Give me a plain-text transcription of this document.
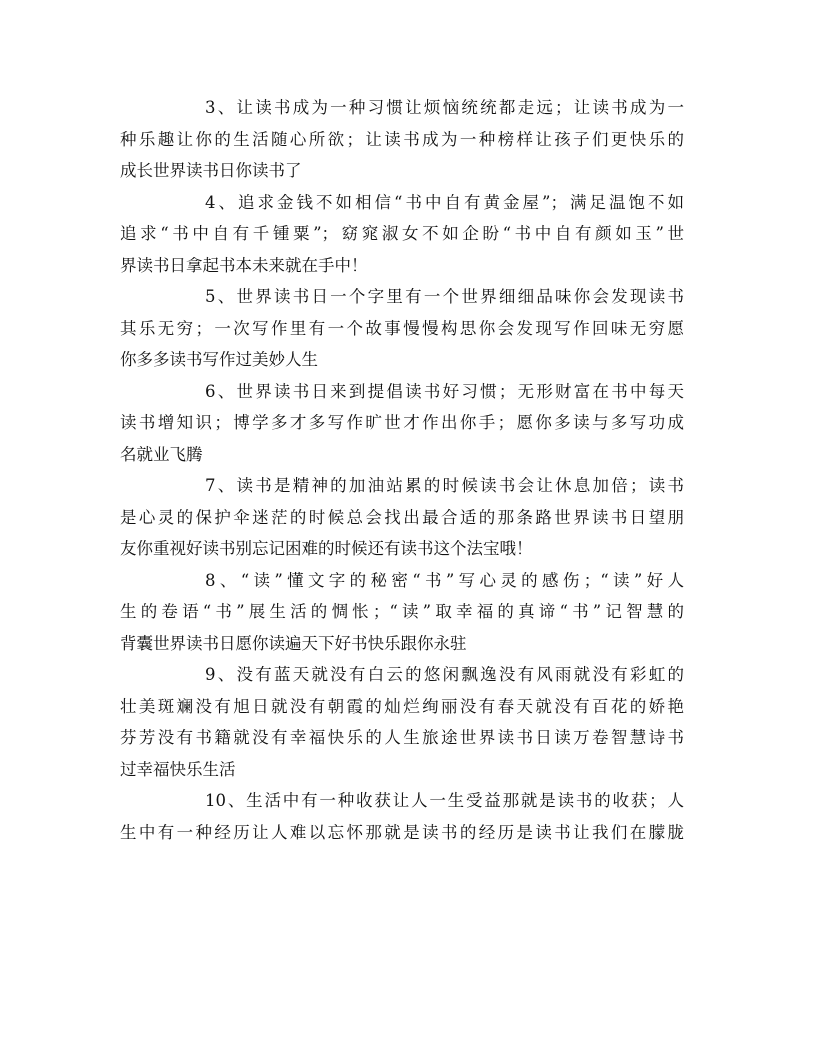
3、让读书成为一种习惯让烦恼统统都走远；让读书成为一
种乐趣让你的生活随心所欲；让读书成为一种榜样让孩子们更快乐的
成长世界读书日你读书了
4、追求金钱不如相信“书中自有黄金屋”；满足温饱不如
追求“书中自有千锺粟”；窈窕淑女不如企盼“书中自有颜如玉”世
界读书日拿起书本未来就在手中！
5、世界读书日一个字里有一个世界细细品味你会发现读书
其乐无穷；一次写作里有一个故事慢慢构思你会发现写作回味无穷愿
你多多读书写作过美妙人生
6、世界读书日来到提倡读书好习惯；无形财富在书中每天
读书增知识；博学多才多写作旷世才作出你手；愿你多读与多写功成
名就业飞腾
7、读书是精神的加油站累的时候读书会让休息加倍；读书
是心灵的保护伞迷茫的时候总会找出最合适的那条路世界读书日望朋
友你重视好读书别忘记困难的时候还有读书这个法宝哦！
8、“读”懂文字的秘密“书”写心灵的感伤；“读”好人
生的卷语“书”展生活的惆怅；“读”取幸福的真谛“书”记智慧的
背囊世界读书日愿你读遍天下好书快乐跟你永驻
9、没有蓝天就没有白云的悠闲飘逸没有风雨就没有彩虹的
壮美斑斓没有旭日就没有朝霞的灿烂绚丽没有春天就没有百花的娇艳
芬芳没有书籍就没有幸福快乐的人生旅途世界读书日读万卷智慧诗书
过幸福快乐生活
10、生活中有一种收获让人一生受益那就是读书的收获；人
生中有一种经历让人难以忘怀那就是读书的经历是读书让我们在朦胧
